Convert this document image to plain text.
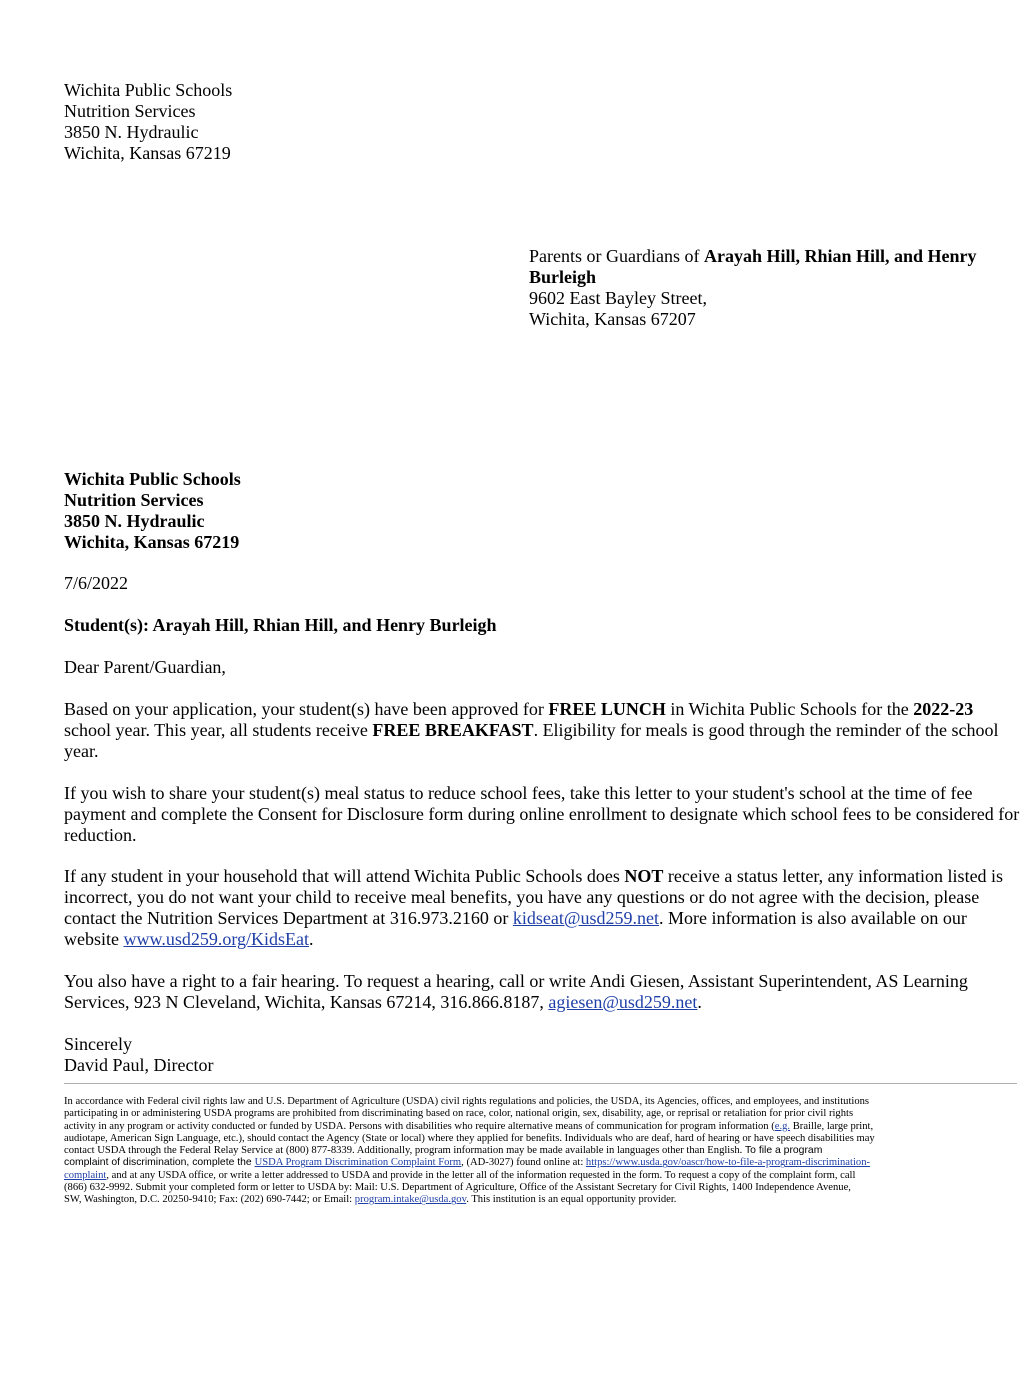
Wichita Public Schools
Nutrition Services
3850 N. Hydraulic
Wichita, Kansas 67219
Parents or Guardians of Arayah Hill, Rhian Hill, and Henry Burleigh
9602 East Bayley Street,
Wichita, Kansas 67207
Wichita Public Schools
Nutrition Services
3850 N. Hydraulic
Wichita, Kansas 67219
7/6/2022
Student(s): Arayah Hill, Rhian Hill, and Henry Burleigh
Dear Parent/Guardian,
Based on your application, your student(s) have been approved for FREE LUNCH in Wichita Public Schools for the 2022-23 school year. This year, all students receive FREE BREAKFAST. Eligibility for meals is good through the reminder of the school year.
If you wish to share your student(s) meal status to reduce school fees, take this letter to your student's school at the time of fee payment and complete the Consent for Disclosure form during online enrollment to designate which school fees to be considered for reduction.
If any student in your household that will attend Wichita Public Schools does NOT receive a status letter, any information listed is incorrect, you do not want your child to receive meal benefits, you have any questions or do not agree with the decision, please contact the Nutrition Services Department at 316.973.2160 or kidseat@usd259.net. More information is also available on our website www.usd259.org/KidsEat.
You also have a right to a fair hearing. To request a hearing, call or write Andi Giesen, Assistant Superintendent, AS Learning Services, 923 N Cleveland, Wichita, Kansas 67214, 316.866.8187, agiesen@usd259.net.
Sincerely
David Paul, Director
In accordance with Federal civil rights law and U.S. Department of Agriculture (USDA) civil rights regulations and policies, the USDA, its Agencies, offices, and employees, and institutions
participating in or administering USDA programs are prohibited from discriminating based on race, color, national origin, sex, disability, age, or reprisal or retaliation for prior civil rights
activity in any program or activity conducted or funded by USDA. Persons with disabilities who require alternative means of communication for program information (e.g. Braille, large print,
audiotape, American Sign Language, etc.), should contact the Agency (State or local) where they applied for benefits. Individuals who are deaf, hard of hearing or have speech disabilities may
contact USDA through the Federal Relay Service at (800) 877-8339. Additionally, program information may be made available in languages other than English. To file a program
complaint of discrimination, complete the USDA Program Discrimination Complaint Form, (AD-3027) found online at: https://www.usda.gov/oascr/how-to-file-a-program-discrimination-
complaint, and at any USDA office, or write a letter addressed to USDA and provide in the letter all of the information requested in the form. To request a copy of the complaint form, call
(866) 632-9992. Submit your completed form or letter to USDA by: Mail: U.S. Department of Agriculture, Office of the Assistant Secretary for Civil Rights, 1400 Independence Avenue,
SW, Washington, D.C. 20250-9410; Fax: (202) 690-7442; or Email: program.intake@usda.gov. This institution is an equal opportunity provider.
